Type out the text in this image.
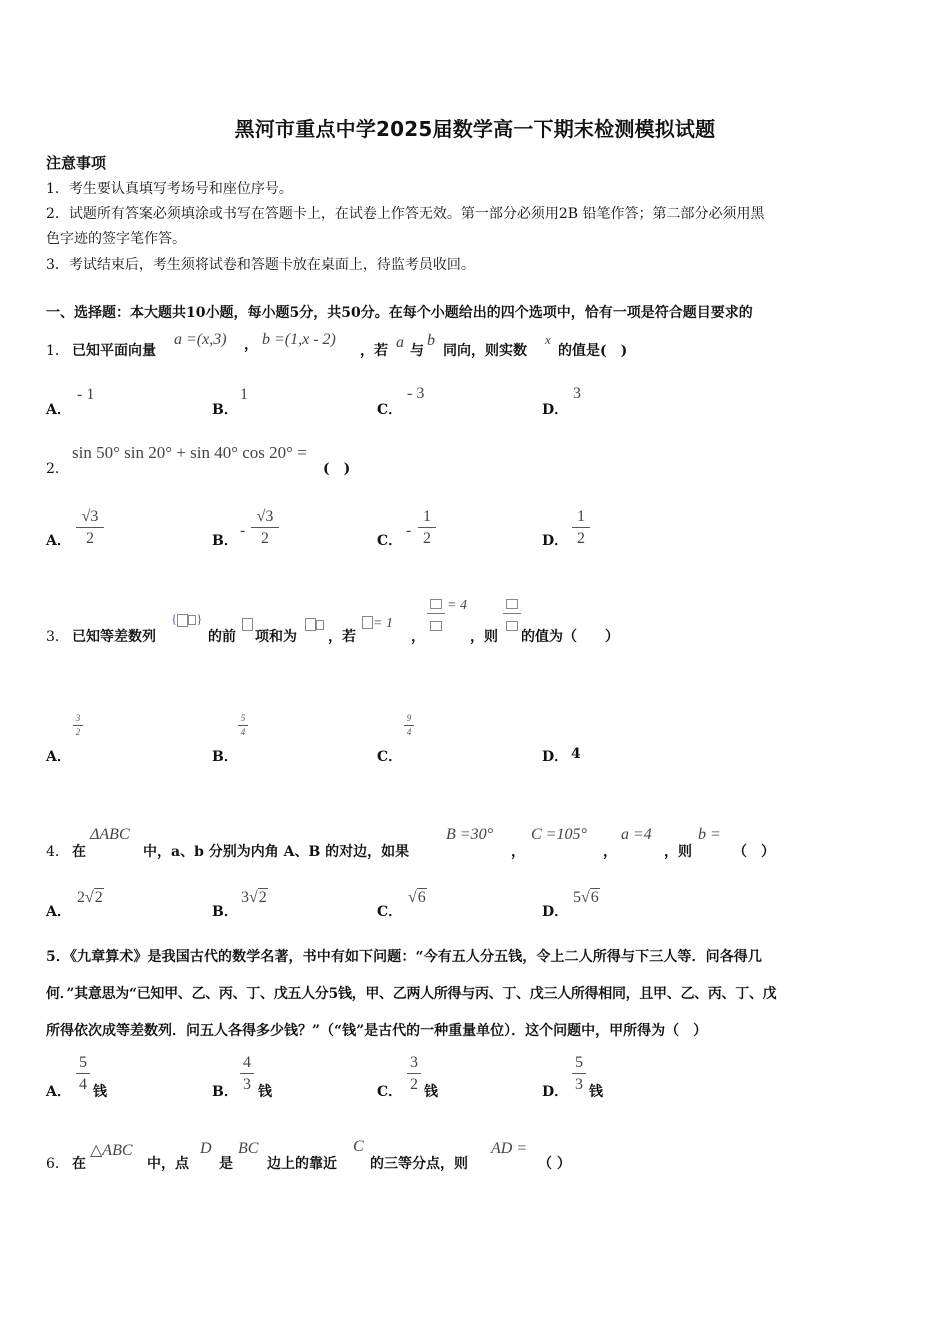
黑河市重点中学2025届数学高一下期末检测模拟试题
注意事项
1．考生要认真填写考场号和座位序号。
2．试题所有答案必须填涂或书写在答题卡上，在试卷上作答无效。第一部分必须用2B 铅笔作答；第二部分必须用黑
色字迹的签字笔作答。
3．考试结束后，考生须将试卷和答题卡放在桌面上，待监考员收回。
一、选择题：本大题共10小题，每小题5分，共50分。在每个小题给出的四个选项中，恰有一项是符合题目要求的
1． 已知平面向量
a =(x,3) ， b =(1,x - 2)
，若 a 与
b
同向，则实数
x
的值是(　)
A．
- 1
B．
1
C．
- 3
D．
3
2．
sin 50° sin 20° + sin 40° cos 20° =
(　)
A．
√3
2	B．
-
√3
2	C．
-
1
2	D．
1
2
3． 已知等差数列
{ }
的前 项和为 ，若
= 1
，
= 4
，则 的值为（　　）
A．
3
2
B．
5
4
C．
9
4
D． 4
4． 在
ΔABC
中，a、b 分别为内角 A、B 的对边，如果
B =30°
，
C =105°
，
a =4
，则
b =
（　）
A．
2√2
B．
3√2
C．
√6
D．
5√6
5．《九章算术》是我国古代的数学名著，书中有如下问题：“今有五人分五钱，令上二人所得与下三人等．问各得几
何．”其意思为“已知甲、乙、丙、丁、戊五人分5钱，甲、乙两人所得与丙、丁、戊三人所得相同，且甲、乙、丙、丁、戊
所得依次成等差数列．问五人各得多少钱？”（“钱”是古代的一种重量单位）．这个问题中，甲所得为（　）
A．
5
4 钱	B．
4
3 钱	C．
3
2 钱	D．
5
3 钱
6． 在
△ABC
中，点
D
是
BC
边上的靠近
C
的三等分点，则
AD =
（ ）
